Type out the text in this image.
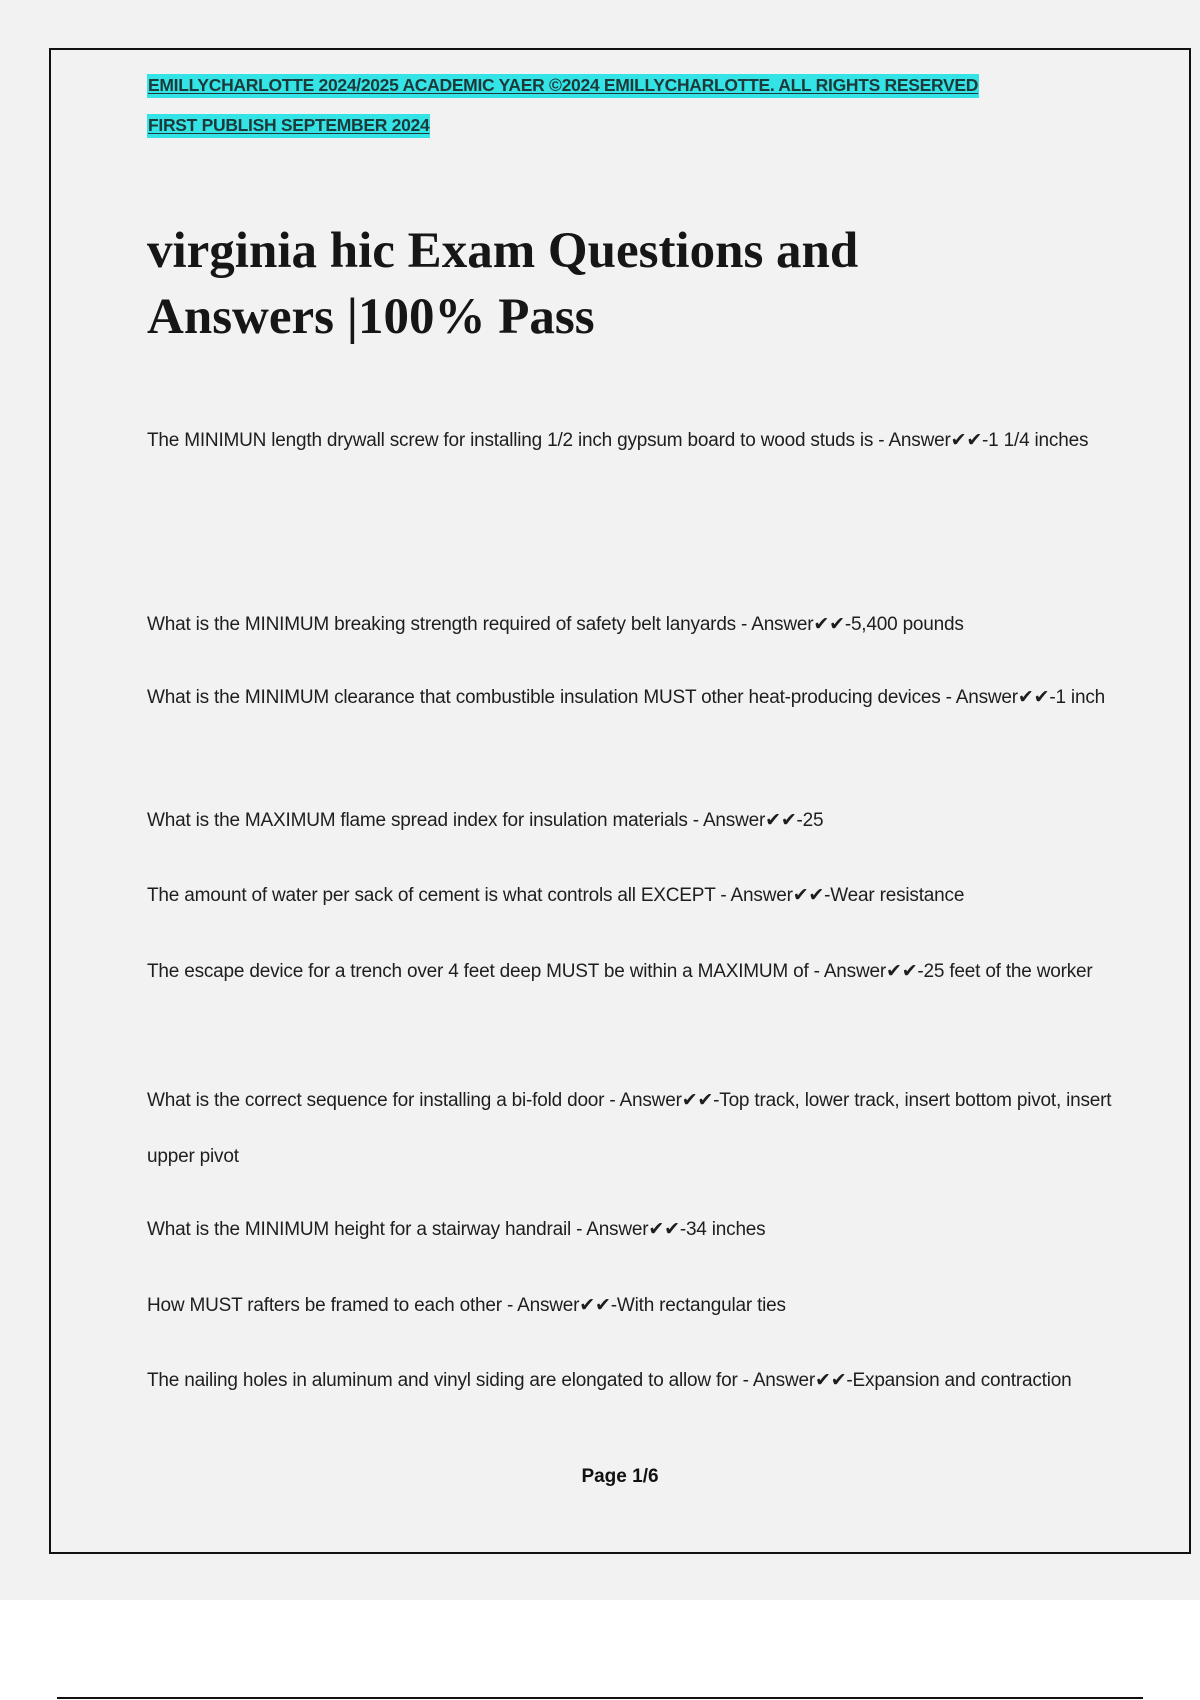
EMILLYCHARLOTTE 2024/2025 ACADEMIC YAER ©2024 EMILLYCHARLOTTE. ALL RIGHTS RESERVED
FIRST PUBLISH SEPTEMBER 2024
virginia hic Exam Questions and Answers |100% Pass

The MINIMUN length drywall screw for installing 1/2 inch gypsum board to wood studs is - Answer✔✔-1 1/4 inches

What is the MINIMUM breaking strength required of safety belt lanyards - Answer✔✔-5,400 pounds

What is the MINIMUM clearance that combustible insulation MUST other heat-producing devices - Answer✔✔-1 inch

What is the MAXIMUM flame spread index for insulation materials - Answer✔✔-25

The amount of water per sack of cement is what controls all EXCEPT - Answer✔✔-Wear resistance

The escape device for a trench over 4 feet deep MUST be within a MAXIMUM of - Answer✔✔-25 feet of the worker

What is the correct sequence for installing a bi-fold door - Answer✔✔-Top track, lower track, insert bottom pivot, insert upper pivot

What is the MINIMUM height for a stairway handrail - Answer✔✔-34 inches

How MUST rafters be framed to each other - Answer✔✔-With rectangular ties

The nailing holes in aluminum and vinyl siding are elongated to allow for - Answer✔✔-Expansion and contraction

Page 1/6
